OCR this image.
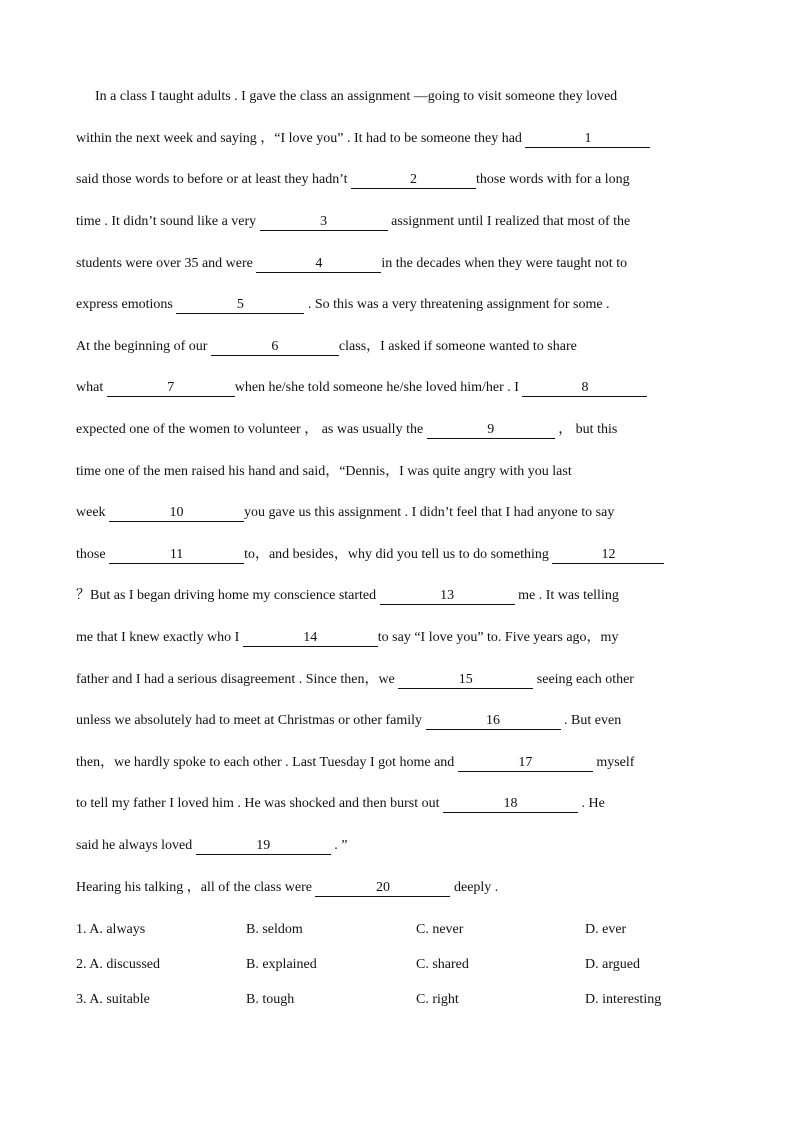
In a class I taught adults . I gave the class an assignment —going to visit someone they loved
within the next week and saying ，“I love you” . It had to be someone they had	1
said those words to before or at least they hadn’t	2	those words with for a long
time . It didn’t sound like a very	3	assignment until I realized that most of the
students were over 35 and were	4	in the decades when they were taught not to
express emotions	5	. So this was a very threatening assignment for some .
At the beginning of our	6	class，I asked if someone wanted to share
what	7	when he/she told someone he/she loved him/her . I	8
expected one of the women to volunteer ， as was usually the	9	， but this
time one of the men raised his hand and said，“Dennis，I was quite angry with you last
week	10	you gave us this assignment . I didn’t feel that I had anyone to say
those	11	to，and besides，why did you tell us to do something	12
？But as I began driving home my conscience started	13	me . It was telling
me that I knew exactly who I	14	to say “I love you” to. Five years ago，my
father and I had a serious disagreement . Since then，we	15	seeing each other
unless we absolutely had to meet at Christmas or other family	16	. But even
then，we hardly spoke to each other . Last Tuesday I got home and	17	myself
to tell my father I loved him . He was shocked and then burst out	18	. He
said he always loved	19	. ”
Hearing his talking ，all of the class were	20	deeply .
1. A. always	B. seldom	C. never	D. ever
2. A. discussed	B. explained	C. shared	D. argued
3. A. suitable	B. tough	C. right	D. interesting
